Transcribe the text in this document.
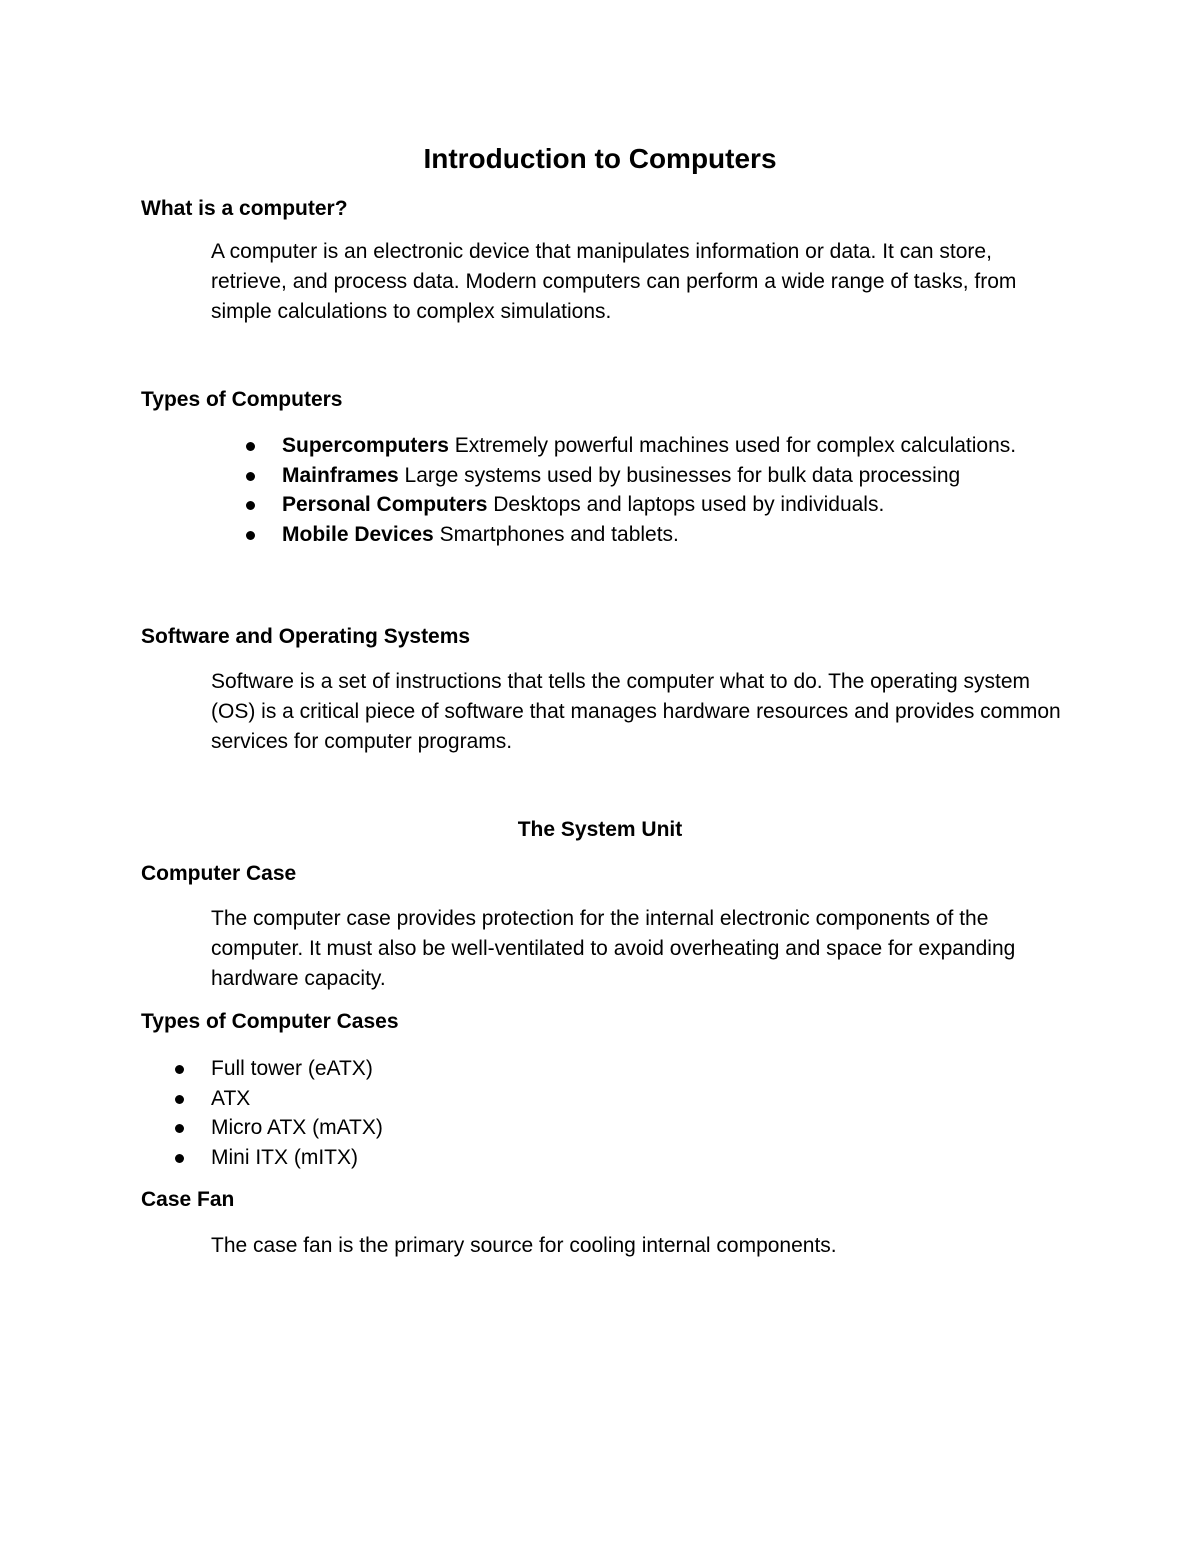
Introduction to Computers
What is a computer?

A computer is an electronic device that manipulates information or data. It can store, retrieve, and process data. Modern computers can perform a wide range of tasks, from simple calculations to complex simulations.

Types of Computers
Supercomputers Extremely powerful machines used for complex calculations.
Mainframes Large systems used by businesses for bulk data processing
Personal Computers Desktops and laptops used by individuals.
Mobile Devices Smartphones and tablets.
Software and Operating Systems

Software is a set of instructions that tells the computer what to do. The operating system (OS) is a critical piece of software that manages hardware resources and provides common services for computer programs.

The System Unit
Computer Case

The computer case provides protection for the internal electronic components of the computer. It must also be well-ventilated to avoid overheating and space for expanding hardware capacity.

Types of Computer Cases
Full tower (eATX)
ATX
Micro ATX (mATX)
Mini ITX (mITX)
Case Fan

The case fan is the primary source for cooling internal components.
